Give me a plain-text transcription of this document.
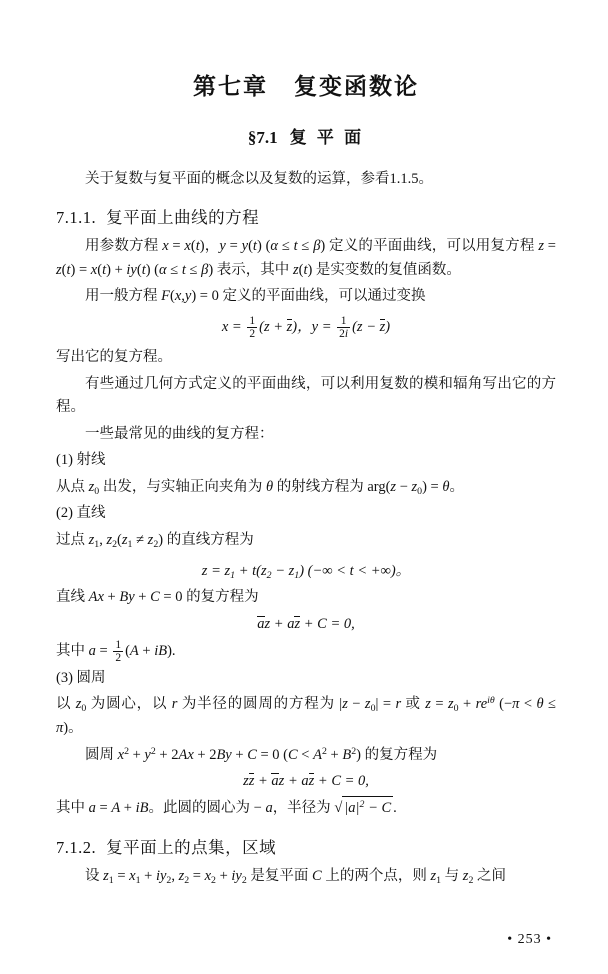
第七章 复变函数论
§7.1 复 平 面

关于复数与复平面的概念以及复数的运算，参看1.1.5。

7.1.1. 复平面上曲线的方程

用参数方程 x = x(t)，y = y(t) (α ≤ t ≤ β) 定义的平面曲线，可以用复方程 z = z(t) = x(t) + iy(t) (α ≤ t ≤ β) 表示，其中 z(t) 是实变数的复值函数。

用一般方程 F(x,y) = 0 定义的平面曲线，可以通过变换

$x = \frac{1}{2} (z + z)$，$y = \frac{1}{2i} (z - z)$

写出它的复方程。

有些通过几何方式定义的平面曲线，可以利用复数的模和辐角写出它的方程。

一些最常见的曲线的复方程：

(1) 射线

从点 $z_0$ 出发，与实轴正向夹角为 θ 的射线方程为 $arg(z - z_0) = \theta$。

(2) 直线

过点 $z_1$, $z_2(z_1 \ne z_2)$ 的直线方程为

$z = z_1 + t(z_2 - z_1)$ (−∞ < t < +∞)。

直线 Ax + By + C = 0 的复方程为

az + az + C = 0,

其中 $a = \frac{1}{2} (A + iB)$.

(3) 圆周

以 $z_0$ 为圆心，以 r 为半径的圆周的方程为 $|z - z_0| = r$ 或 $z = z_0 + re^{i\theta}$ (−π < θ ≤ π)。

圆周 $x^2 + y^2 + 2Ax + 2By + C = 0$ $(C < A^2 + B^2)$ 的复方程为

zz + az + az + C = 0,

其中 a = A + iB。此圆的圆心为 − a，半径为 √ $|a|^2 - C$ .

7.1.2. 复平面上的点集，区域

设 $z_1 = x_1 + iy_2$, $z_2 = x_2 + iy_2$ 是复平面 C 上的两个点，则 $z_1$ 与 $z_2$ 之间

• 253 •
